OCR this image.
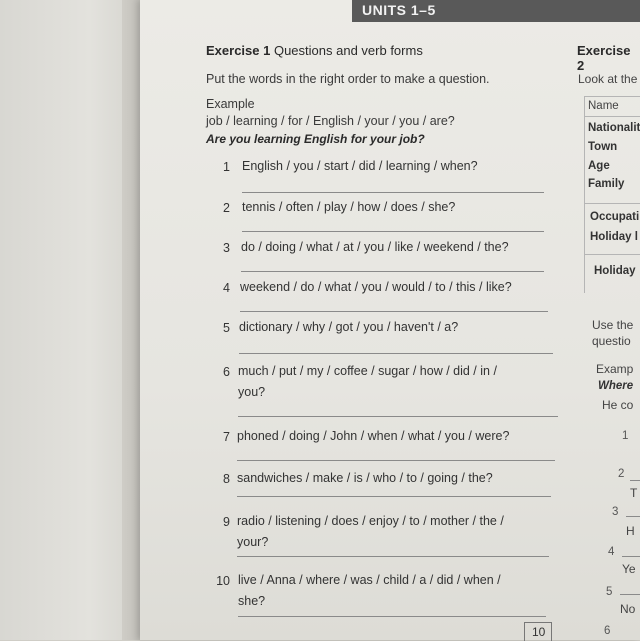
UNITS 1–5
Exercise 1 Questions and verb forms
Put the words in the right order to make a question.
Example
job / learning / for / English / your / you / are?
Are you learning English for your job?
1 English / you / start / did / learning / when?
2 tennis / often / play / how / does / she?
3 do / doing / what / at / you / like / weekend / the?
4 weekend / do / what / you / would / to / this / like?
5 dictionary / why / got / you / haven't / a?
6 much / put / my / coffee / sugar / how / did / in /
you?
7 phoned / doing / John / when / what / you / were?
8 sandwiches / make / is / who / to / going / the?
9 radio / listening / does / enjoy / to / mother / the /
your?
10 live / Anna / where / was / child / a / did / when /
she?
Exercise 2
Look at the
Name
Nationalit
Town
Age
Family
Occupati
Holiday l
Holiday
Use the
questio
Examp
Where
He co
1
2
T
3
H
4
Ye
5
No
6
10
